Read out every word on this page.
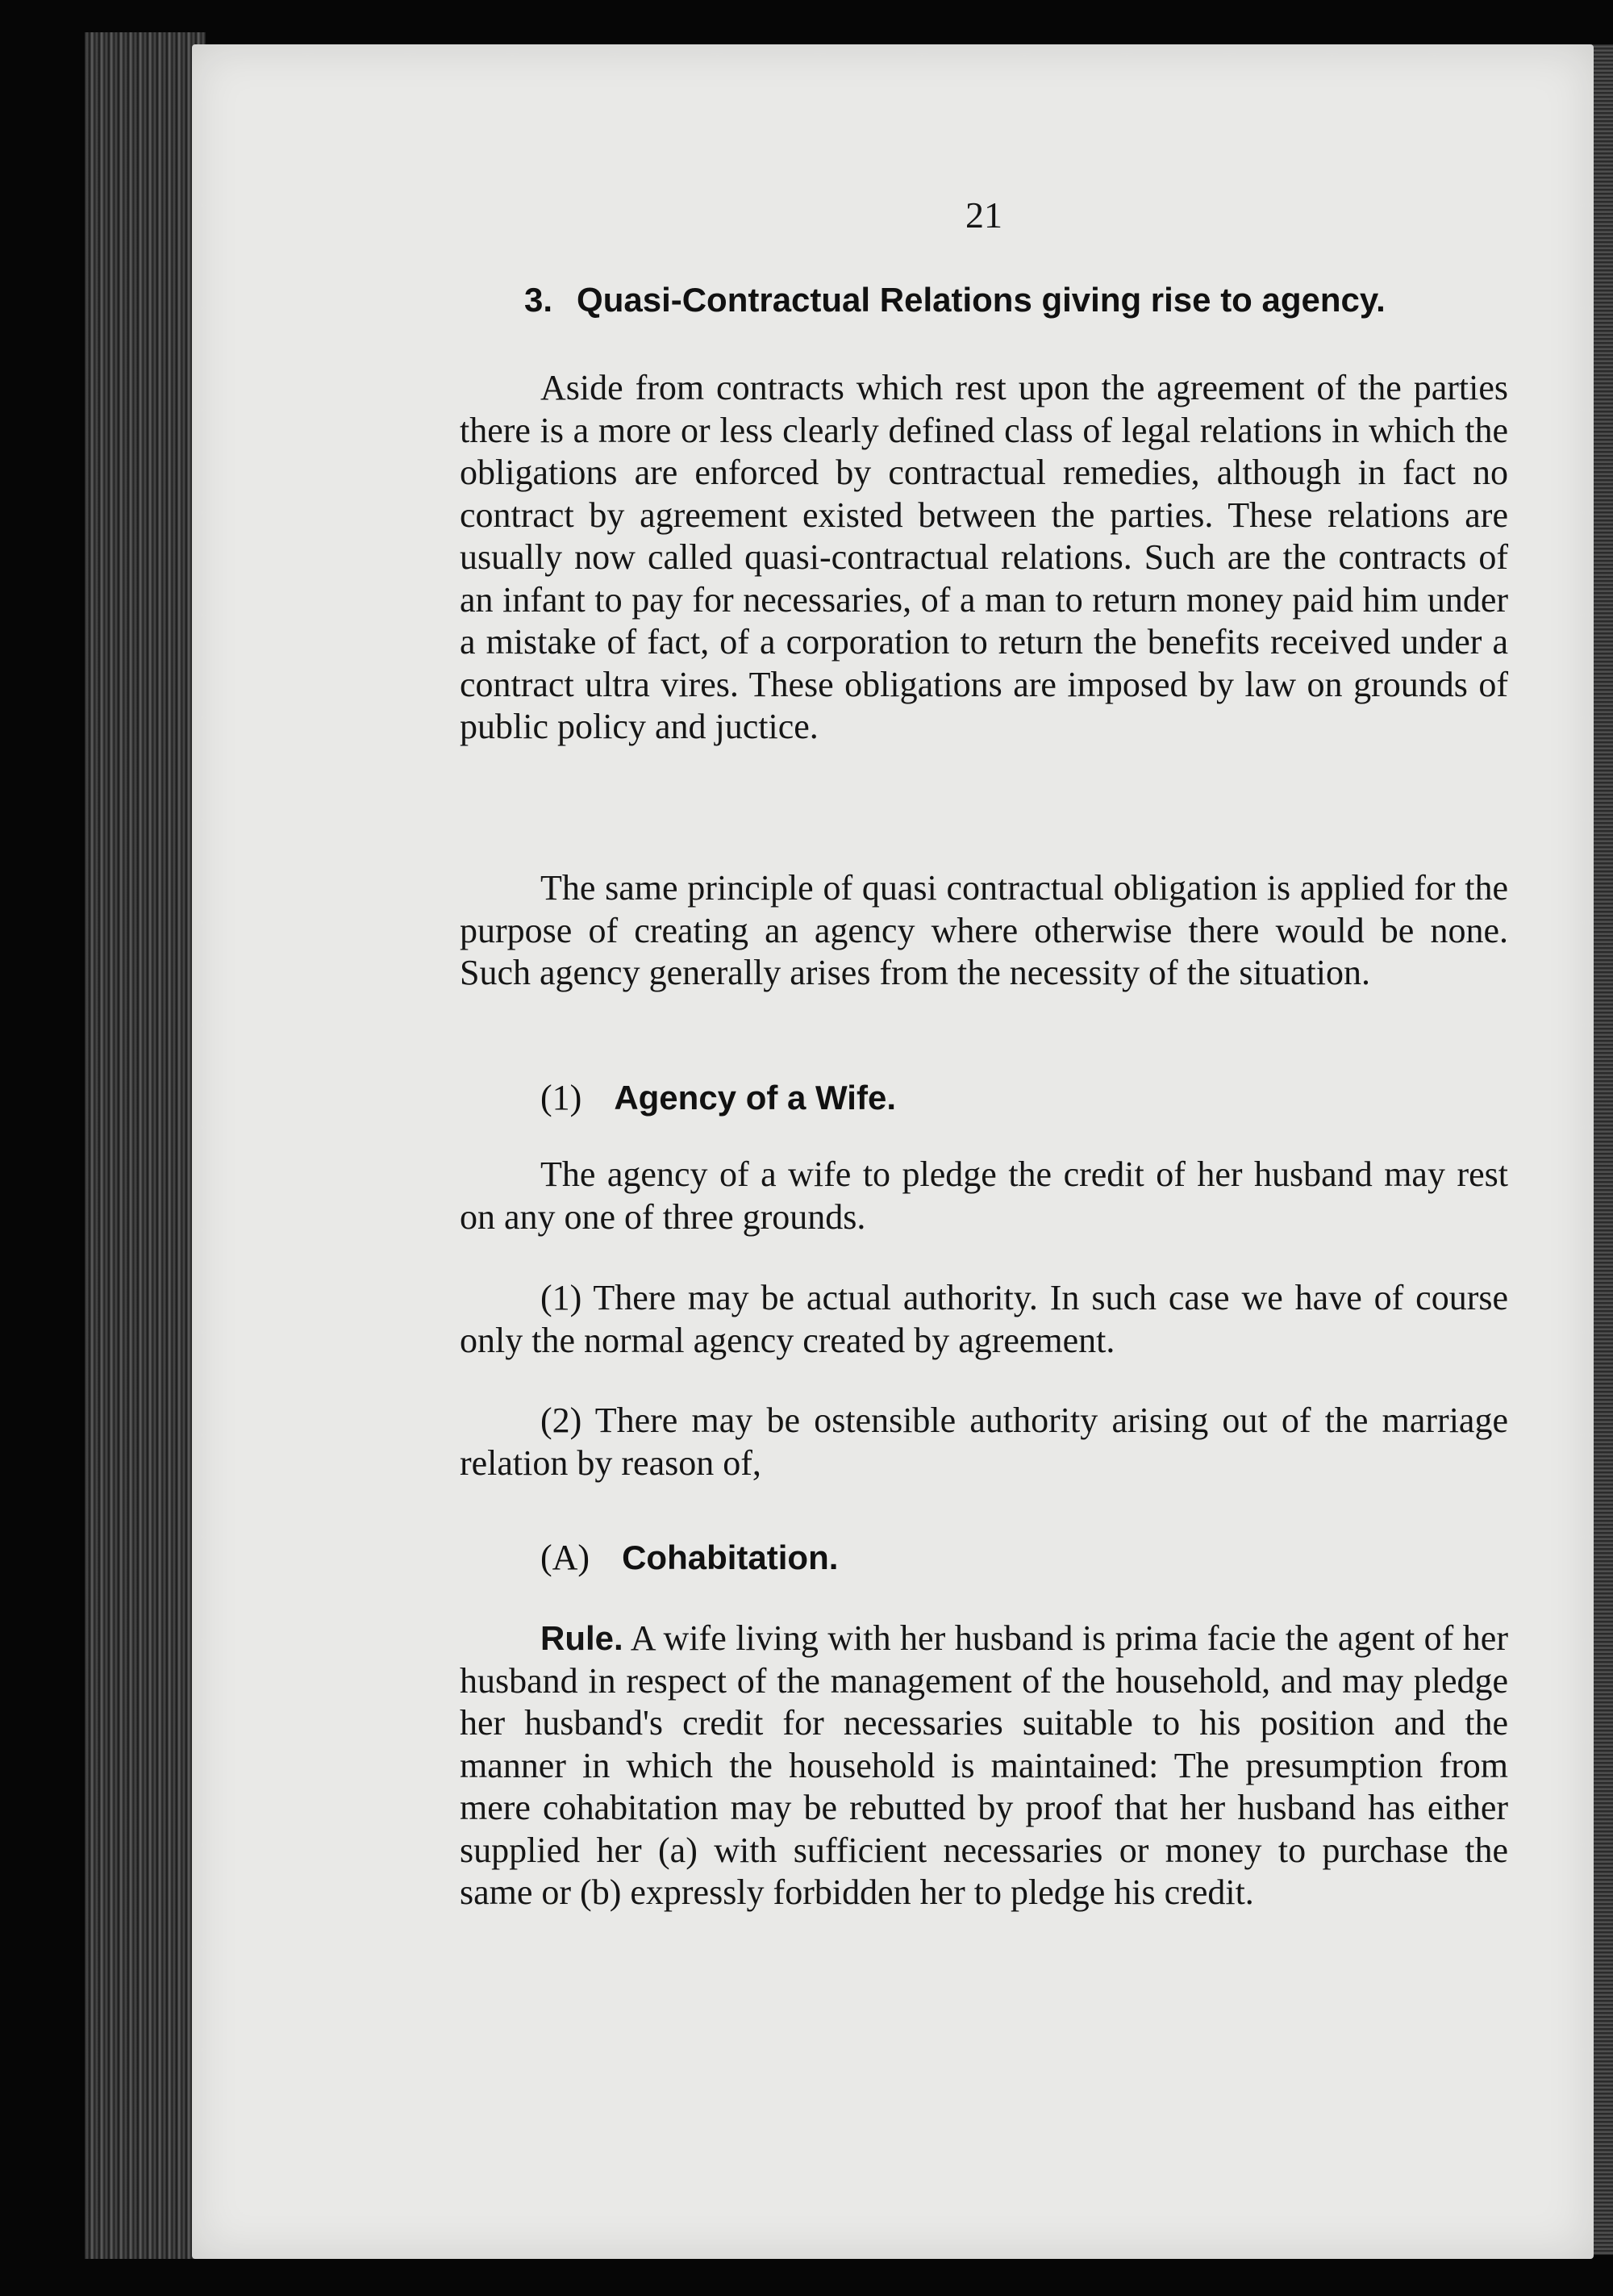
21
3. Quasi-Contractual Relations giving rise to agency.

Aside from contracts which rest upon the agreement of the parties there is a more or less clearly defined class of legal relations in which the obligations are enforced by contractual remedies, although in fact no contract by agreement existed between the parties. These relations are usually now called quasi-contractual relations. Such are the contracts of an infant to pay for necessaries, of a man to return money paid him under a mistake of fact, of a corporation to return the benefits received under a contract ultra vires. These obligations are imposed by law on grounds of public policy and juctice.

The same principle of quasi contractual obligation is applied for the purpose of creating an agency where otherwise there would be none. Such agency generally arises from the necessity of the situation.

(1) Agency of a Wife.

The agency of a wife to pledge the credit of her husband may rest on any one of three grounds.

(1) There may be actual authority. In such case we have of course only the normal agency created by agreement.

(2) There may be ostensible authority arising out of the marriage relation by reason of,

(A) Cohabitation.

Rule. A wife living with her husband is prima facie the agent of her husband in respect of the management of the household, and may pledge her husband's credit for necessaries suitable to his position and the manner in which the household is maintained: The presumption from mere cohabitation may be rebutted by proof that her husband has either supplied her (a) with sufficient necessaries or money to purchase the same or (b) expressly forbidden her to pledge his credit.
